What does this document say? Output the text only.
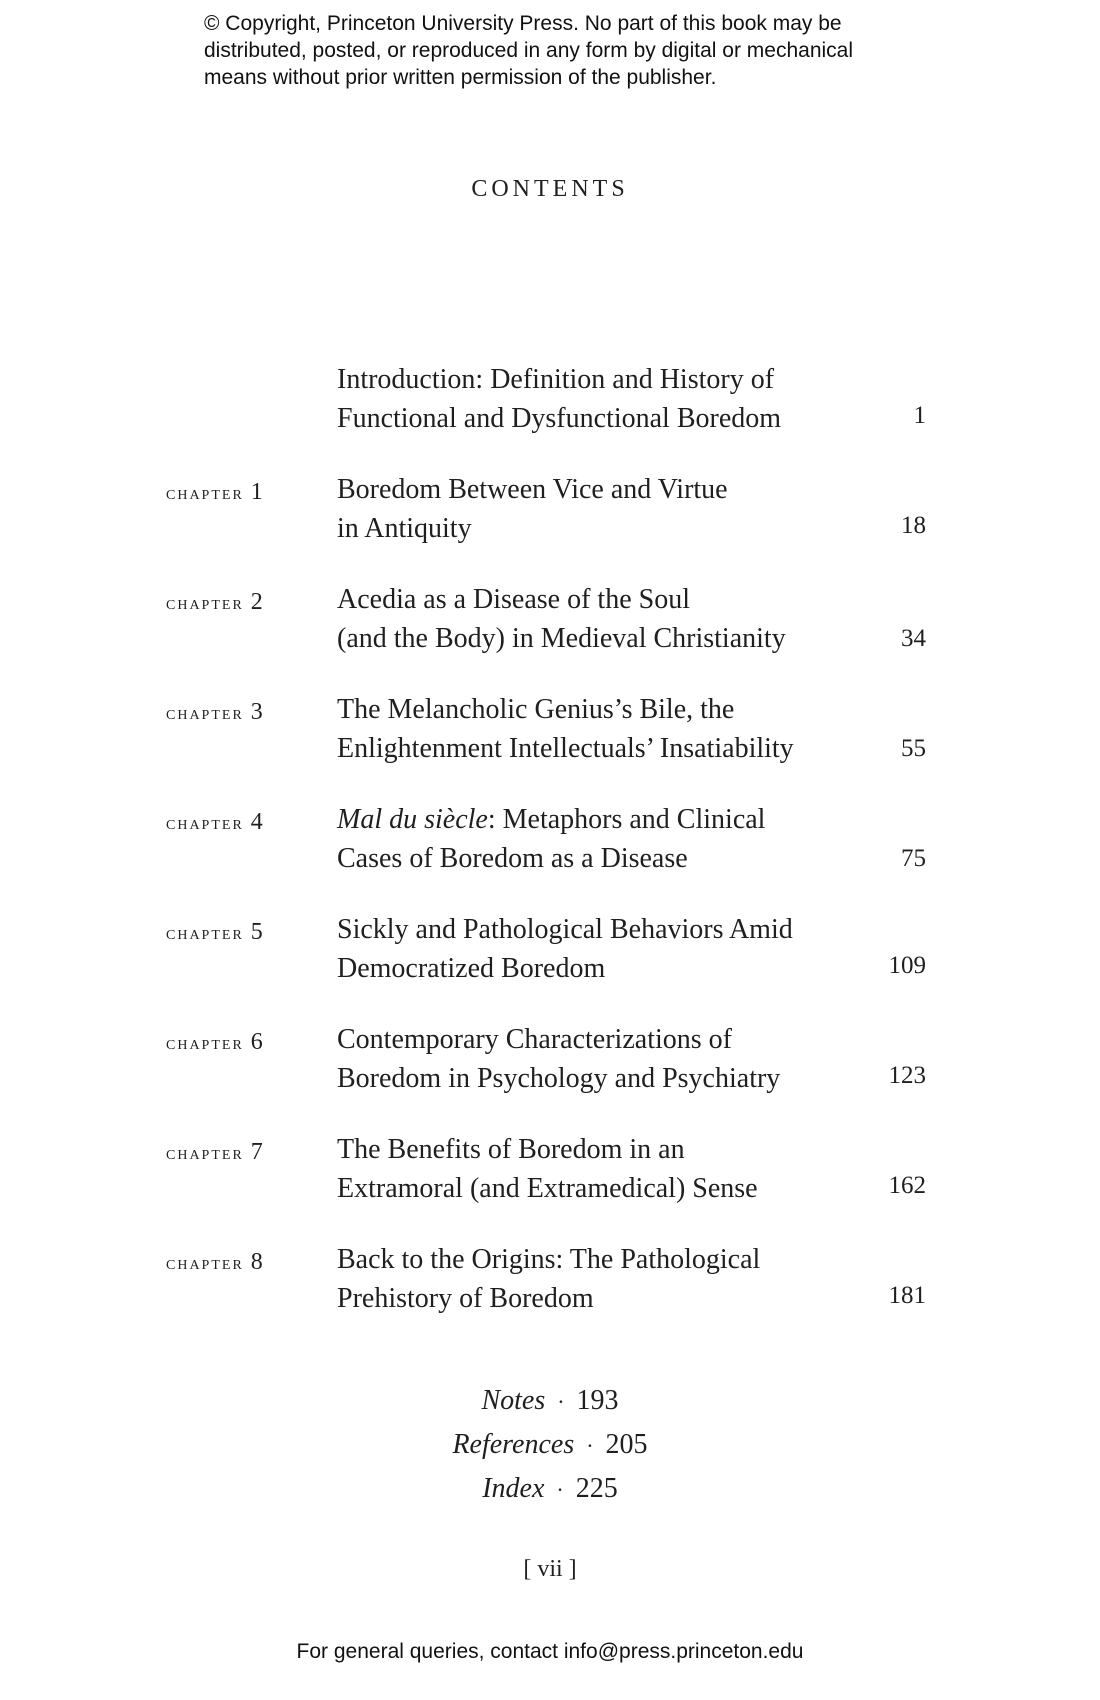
© Copyright, Princeton University Press. No part of this book may be
distributed, posted, or reproduced in any form by digital or mechanical
means without prior written permission of the publisher.
CONTENTS
Introduction: Definition and History of
Functional and Dysfunctional Boredom	1
chapter 1	Boredom Between Vice and Virtue
in Antiquity	18
chapter 2	Acedia as a Disease of the Soul
(and the Body) in Medieval Christianity	34
chapter 3	The Melancholic Genius’s Bile, the
Enlightenment Intellectuals’ Insatiability	55
chapter 4	Mal du siècle: Metaphors and Clinical
Cases of Boredom as a Disease	75
chapter 5	Sickly and Pathological Behaviors Amid
Democratized Boredom	109
chapter 6	Contemporary Characterizations of
Boredom in Psychology and Psychiatry	123
chapter 7	The Benefits of Boredom in an
Extramoral (and Extramedical) Sense	162
chapter 8	Back to the Origins: The Pathological
Prehistory of Boredom	181
Notes · 193
References · 205
Index · 225
[ vii ]
For general queries, contact info@press.princeton.edu
